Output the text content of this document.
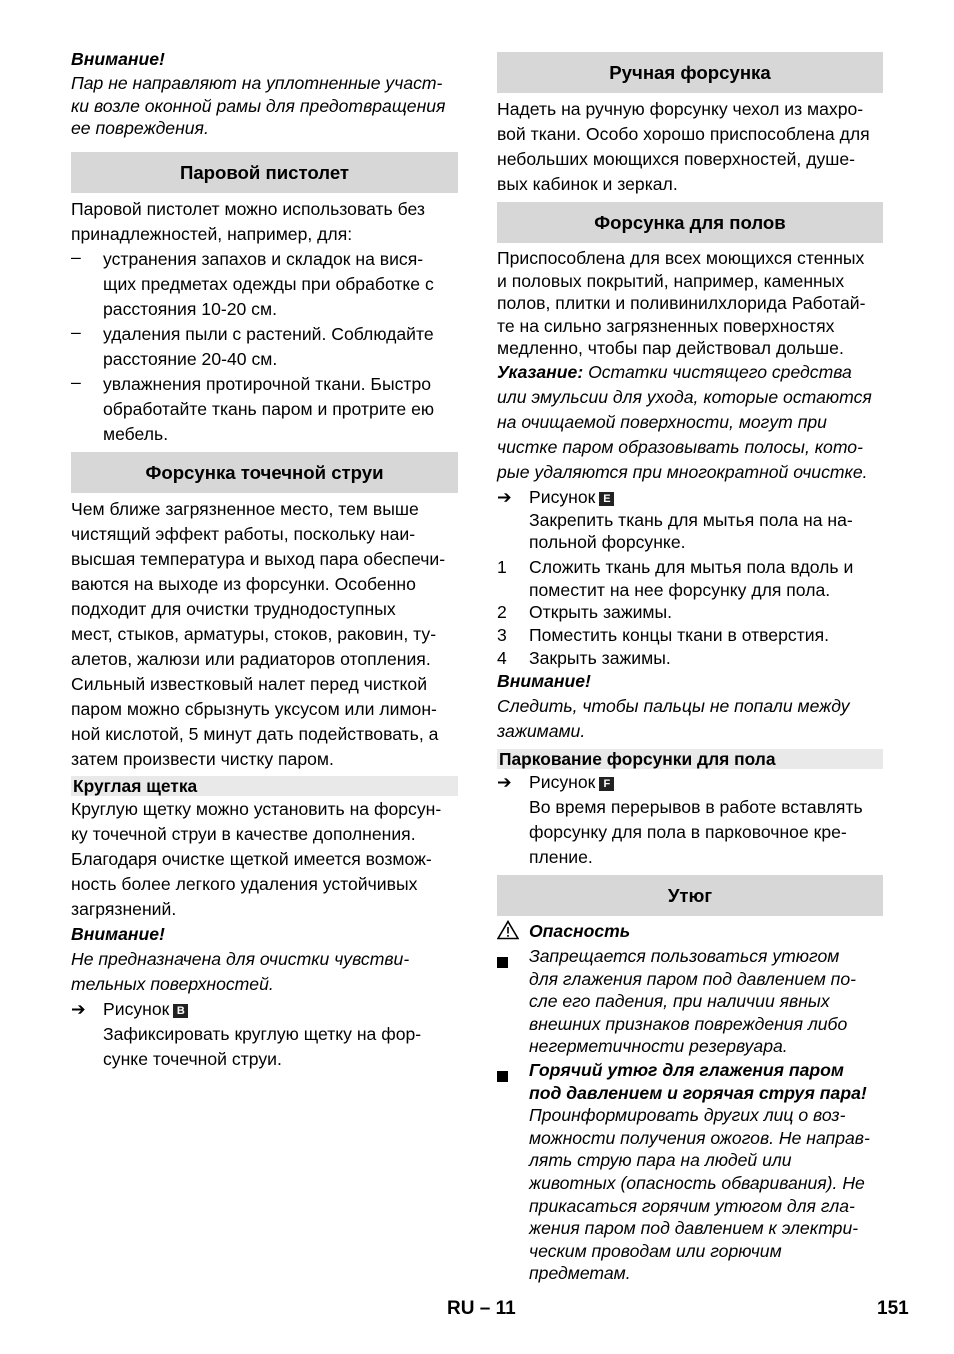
Внимание!
Пар не направляют на уплотненные участ-
ки возле оконной рамы для предотвращения
ее повреждения.
Паровой пистолет
Паровой пистолет можно использовать без
принадлежностей, например, для:
– устранения запахов и складок на вися-
щих предметах одежды при обработке с
расстояния 10-20 см.
– удаления пыли с растений. Соблюдайте
расстояние 20-40 см.
– увлажнения протирочной ткани. Быстро
обработайте ткань паром и протрите ею
мебель.
Форсунка точечной струи
Чем ближе загрязненное место, тем выше
чистящий эффект работы, поскольку наи-
высшая температура и выход пара обеспечи-
ваются на выходе из форсунки. Особенно
подходит для очистки труднодоступных
мест, стыков, арматуры, стоков, раковин, ту-
алетов, жалюзи или радиаторов отопления.
Сильный известковый налет перед чисткой
паром можно сбрызнуть уксусом или лимон-
ной кислотой, 5 минут дать подействовать, а
затем произвести чистку паром.
Круглая щетка
Круглую щетку можно установить на форсун-
ку точечной струи в качестве дополнения.
Благодаря очистке щеткой имеется возмож-
ность более легкого удаления устойчивых
загрязнений.
Внимание!
Не предназначена для очистки чувстви-
тельных поверхностей.
➔ Рисунок B
Зафиксировать круглую щетку на фор-
сунке точечной струи.
Ручная форсунка
Надеть на ручную форсунку чехол из махро-
вой ткани. Особо хорошо приспособлена для
небольших моющихся поверхностей, душе-
вых кабинок и зеркал.
Форсунка для полов
Приспособлена для всех моющихся стенных
и половых покрытий, например, каменных
полов, плитки и поливинилхлорида Работай-
те на сильно загрязненных поверхностях
медленно, чтобы пар действовал дольше.
Указание: Остатки чистящего средства
или эмульсии для ухода, которые остаются
на очищаемой поверхности, могут при
чистке паром образовывать полосы, кото-
рые удаляются при многократной очистке.
➔ Рисунок E
Закрепить ткань для мытья пола на на-
польной форсунке.
1 Сложить ткань для мытья пола вдоль и
поместит на нее форсунку для пола.
2 Открыть зажимы.
3 Поместить концы ткани в отверстия.
4 Закрыть зажимы.
Внимание!
Следить, чтобы пальцы не попали между
зажимами.
Паркование форсунки для пола
➔ Рисунок F
Во время перерывов в работе вставлять
форсунку для пола в парковочное кре-
пление.
Утюг
Опасность
Запрещается пользоваться утюгом
для глажения паром под давлением по-
сле его падения, при наличии явных
внешних признаков повреждения либо
негерметичности резервуара.
Горячий утюг для глажения паром
под давлением и горячая струя пара!
Проинформировать других лиц о воз-
можности получения ожогов. Не направ-
лять струю пара на людей или
животных (опасность обваривания). Не
прикасаться горячим утюгом для гла-
жения паром под давлением к электри-
ческим проводам или горючим
предметам.
RU – 11	151
